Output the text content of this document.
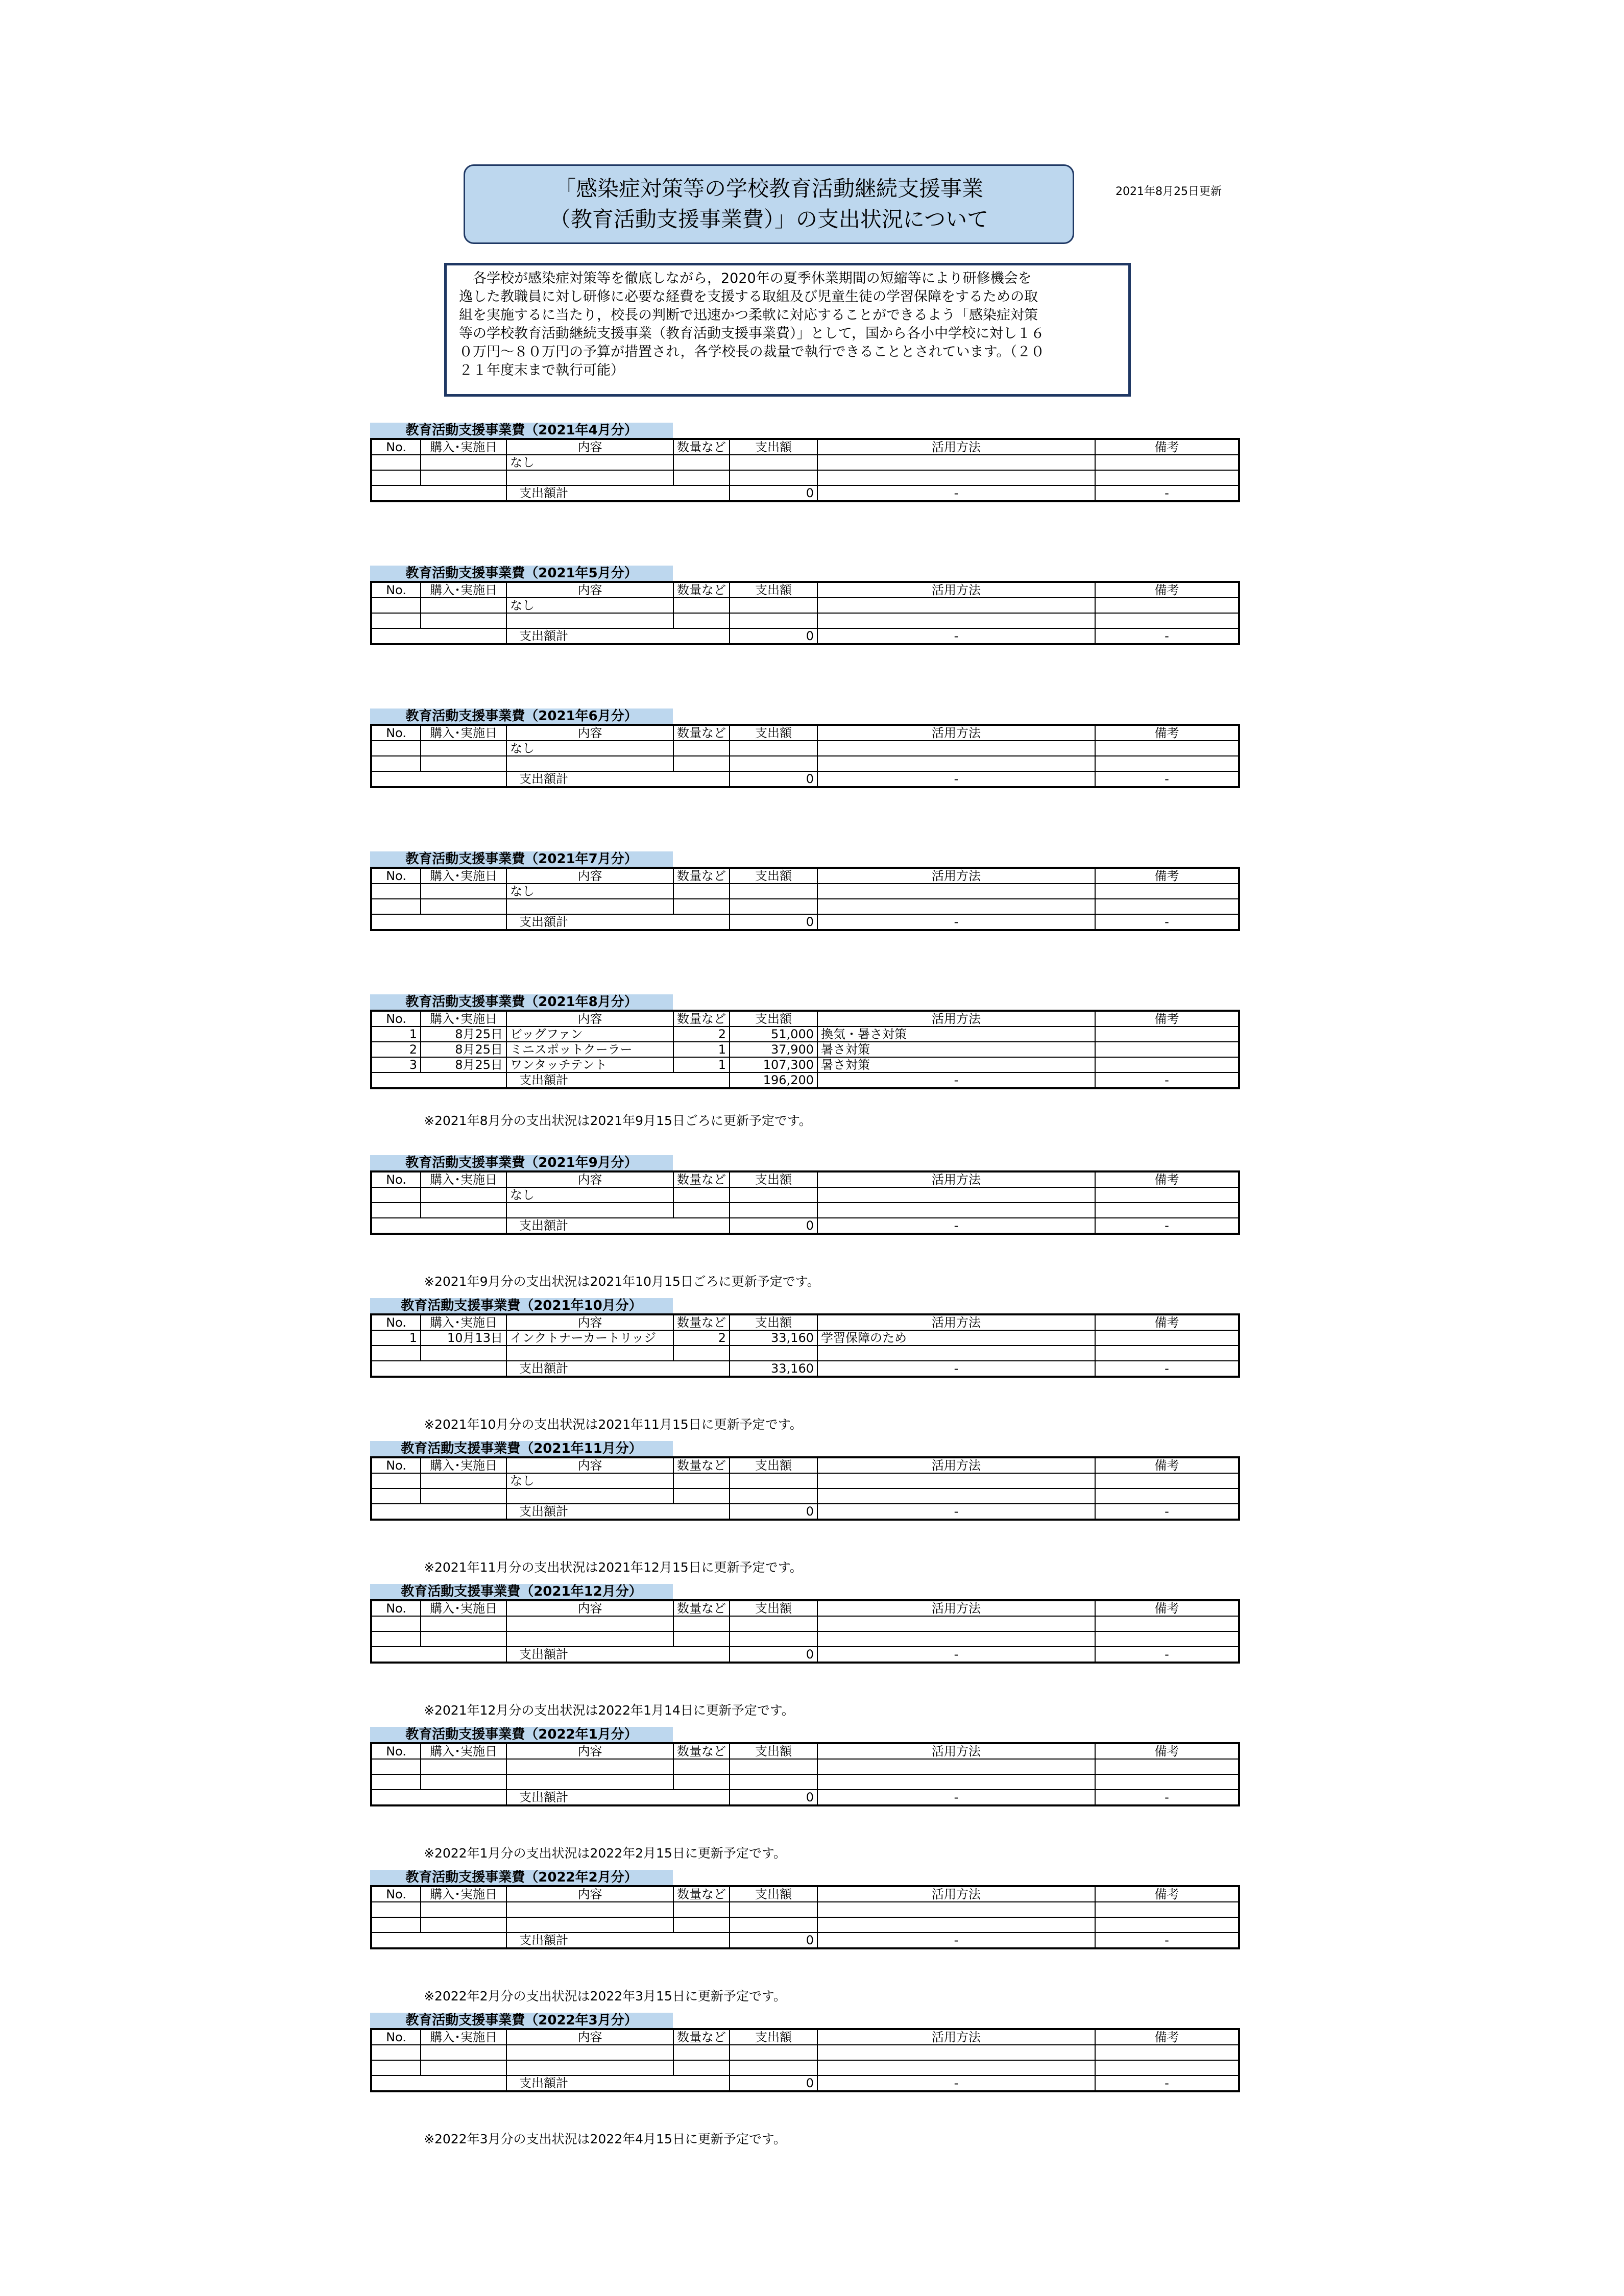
「感染症対策等の学校教育活動継続支援事業
（教育活動支援事業費）」の支出状況について
2021年8月25日更新
　各学校が感染症対策等を徹底しながら，2020年の夏季休業期間の短縮等により研修機会を
逸した教職員に対し研修に必要な経費を支援する取組及び児童生徒の学習保障をするための取
組を実施するに当たり，校長の判断で迅速かつ柔軟に対応することができるよう「感染症対策
等の学校教育活動継続支援事業（教育活動支援事業費）」として，国から各小中学校に対し１６
０万円～８０万円の予算が措置され，各学校長の裁量で執行できることとされています。（２０
２１年度末まで執行可能）
教育活動支援事業費（2021年4月分）
No.	購入･実施日	内容	数量など	支出額	活用方法	備考
		なし				

		支出額計		0	-	-
教育活動支援事業費（2021年5月分）
No.	購入･実施日	内容	数量など	支出額	活用方法	備考
		なし				

		支出額計		0	-	-
教育活動支援事業費（2021年6月分）
No.	購入･実施日	内容	数量など	支出額	活用方法	備考
		なし				

		支出額計		0	-	-
教育活動支援事業費（2021年7月分）
No.	購入･実施日	内容	数量など	支出額	活用方法	備考
		なし				

		支出額計		0	-	-
教育活動支援事業費（2021年8月分）
No.	購入･実施日	内容	数量など	支出額	活用方法	備考
1	8月25日	ビッグファン	2	51,000	換気・暑さ対策	
2	8月25日	ミニスポットクーラー	1	37,900	暑さ対策	
3	8月25日	ワンタッチテント	1	107,300	暑さ対策	
		支出額計		196,200	-	-
※2021年8月分の支出状況は2021年9月15日ごろに更新予定です。
教育活動支援事業費（2021年9月分）
No.	購入･実施日	内容	数量など	支出額	活用方法	備考
		なし				

		支出額計		0	-	-
※2021年9月分の支出状況は2021年10月15日ごろに更新予定です。
教育活動支援事業費（2021年10月分）
No.	購入･実施日	内容	数量など	支出額	活用方法	備考
1	10月13日	インクトナーカートリッジ	2	33,160	学習保障のため	

		支出額計		33,160	-	-
※2021年10月分の支出状況は2021年11月15日に更新予定です。
教育活動支援事業費（2021年11月分）
No.	購入･実施日	内容	数量など	支出額	活用方法	備考
		なし				

		支出額計		0	-	-
※2021年11月分の支出状況は2021年12月15日に更新予定です。
教育活動支援事業費（2021年12月分）
No.	購入･実施日	内容	数量など	支出額	活用方法	備考

		支出額計		0	-	-
※2021年12月分の支出状況は2022年1月14日に更新予定です。
教育活動支援事業費（2022年1月分）
No.	購入･実施日	内容	数量など	支出額	活用方法	備考

		支出額計		0	-	-
※2022年1月分の支出状況は2022年2月15日に更新予定です。
教育活動支援事業費（2022年2月分）
No.	購入･実施日	内容	数量など	支出額	活用方法	備考

		支出額計		0	-	-
※2022年2月分の支出状況は2022年3月15日に更新予定です。
教育活動支援事業費（2022年3月分）
No.	購入･実施日	内容	数量など	支出額	活用方法	備考

		支出額計		0	-	-
※2022年3月分の支出状況は2022年4月15日に更新予定です。
